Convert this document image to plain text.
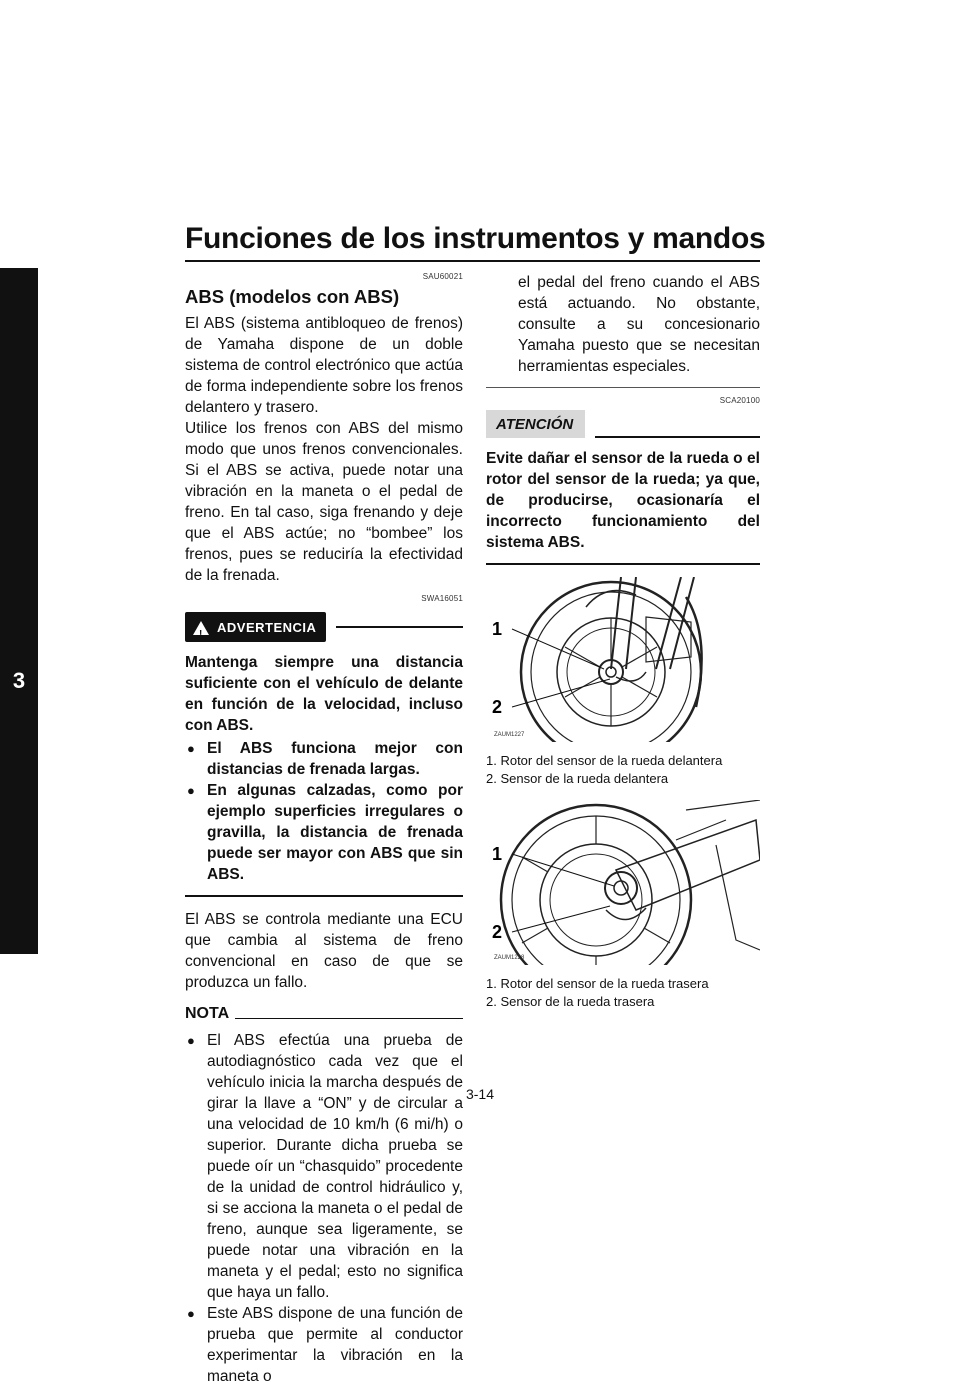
Funciones de los instrumentos y mandos
3
SAU60021
ABS (modelos con ABS)

El ABS (sistema antibloqueo de frenos) de Yamaha dispone de un doble sistema de control electrónico que actúa de forma independiente sobre los frenos delantero y trasero.

Utilice los frenos con ABS del mismo modo que unos frenos convencionales. Si el ABS se activa, puede notar una vibración en la maneta o el pedal de freno. En tal caso, siga frenando y deje que el ABS actúe; no “bombee” los frenos, pues se reduciría la efectividad de la frenada.

SWA16051
! ADVERTENCIA

Mantenga siempre una distancia suficiente con el vehículo de delante en función de la velocidad, incluso con ABS.

● El ABS funciona mejor con distancias de frenada largas.
● En algunas calzadas, como por ejemplo superficies irregulares o gravilla, la distancia de frenada puede ser mayor con ABS que sin ABS.

El ABS se controla mediante una ECU que cambia al sistema de freno convencional en caso de que se produzca un fallo.

NOTA
● El ABS efectúa una prueba de autodiagnóstico cada vez que el vehículo inicia la marcha después de girar la llave a “ON” y de circular a una velocidad de 10 km/h (6 mi/h) o superior. Durante dicha prueba se puede oír un “chasquido” procedente de la unidad de control hidráulico y, si se acciona la maneta o el pedal de freno, aunque sea ligeramente, se puede notar una vibración en la maneta y el pedal; esto no significa que haya un fallo.
● Este ABS dispone de una función de prueba que permite al conductor experimentar la vibración en la maneta o

el pedal del freno cuando el ABS está actuando. No obstante, consulte a su concesionario Yamaha puesto que se necesitan herramientas especiales.

SCA20100
ATENCIÓN

Evite dañar el sensor de la rueda o el rotor del sensor de la rueda; ya que, de producirse, ocasionaría el incorrecto funcionamiento del sistema ABS.

1
2
ZAUM1227

1. Rotor del sensor de la rueda delantera

2. Sensor de la rueda delantera

1
2
ZAUM1228

1. Rotor del sensor de la rueda trasera

2. Sensor de la rueda trasera

3-14
